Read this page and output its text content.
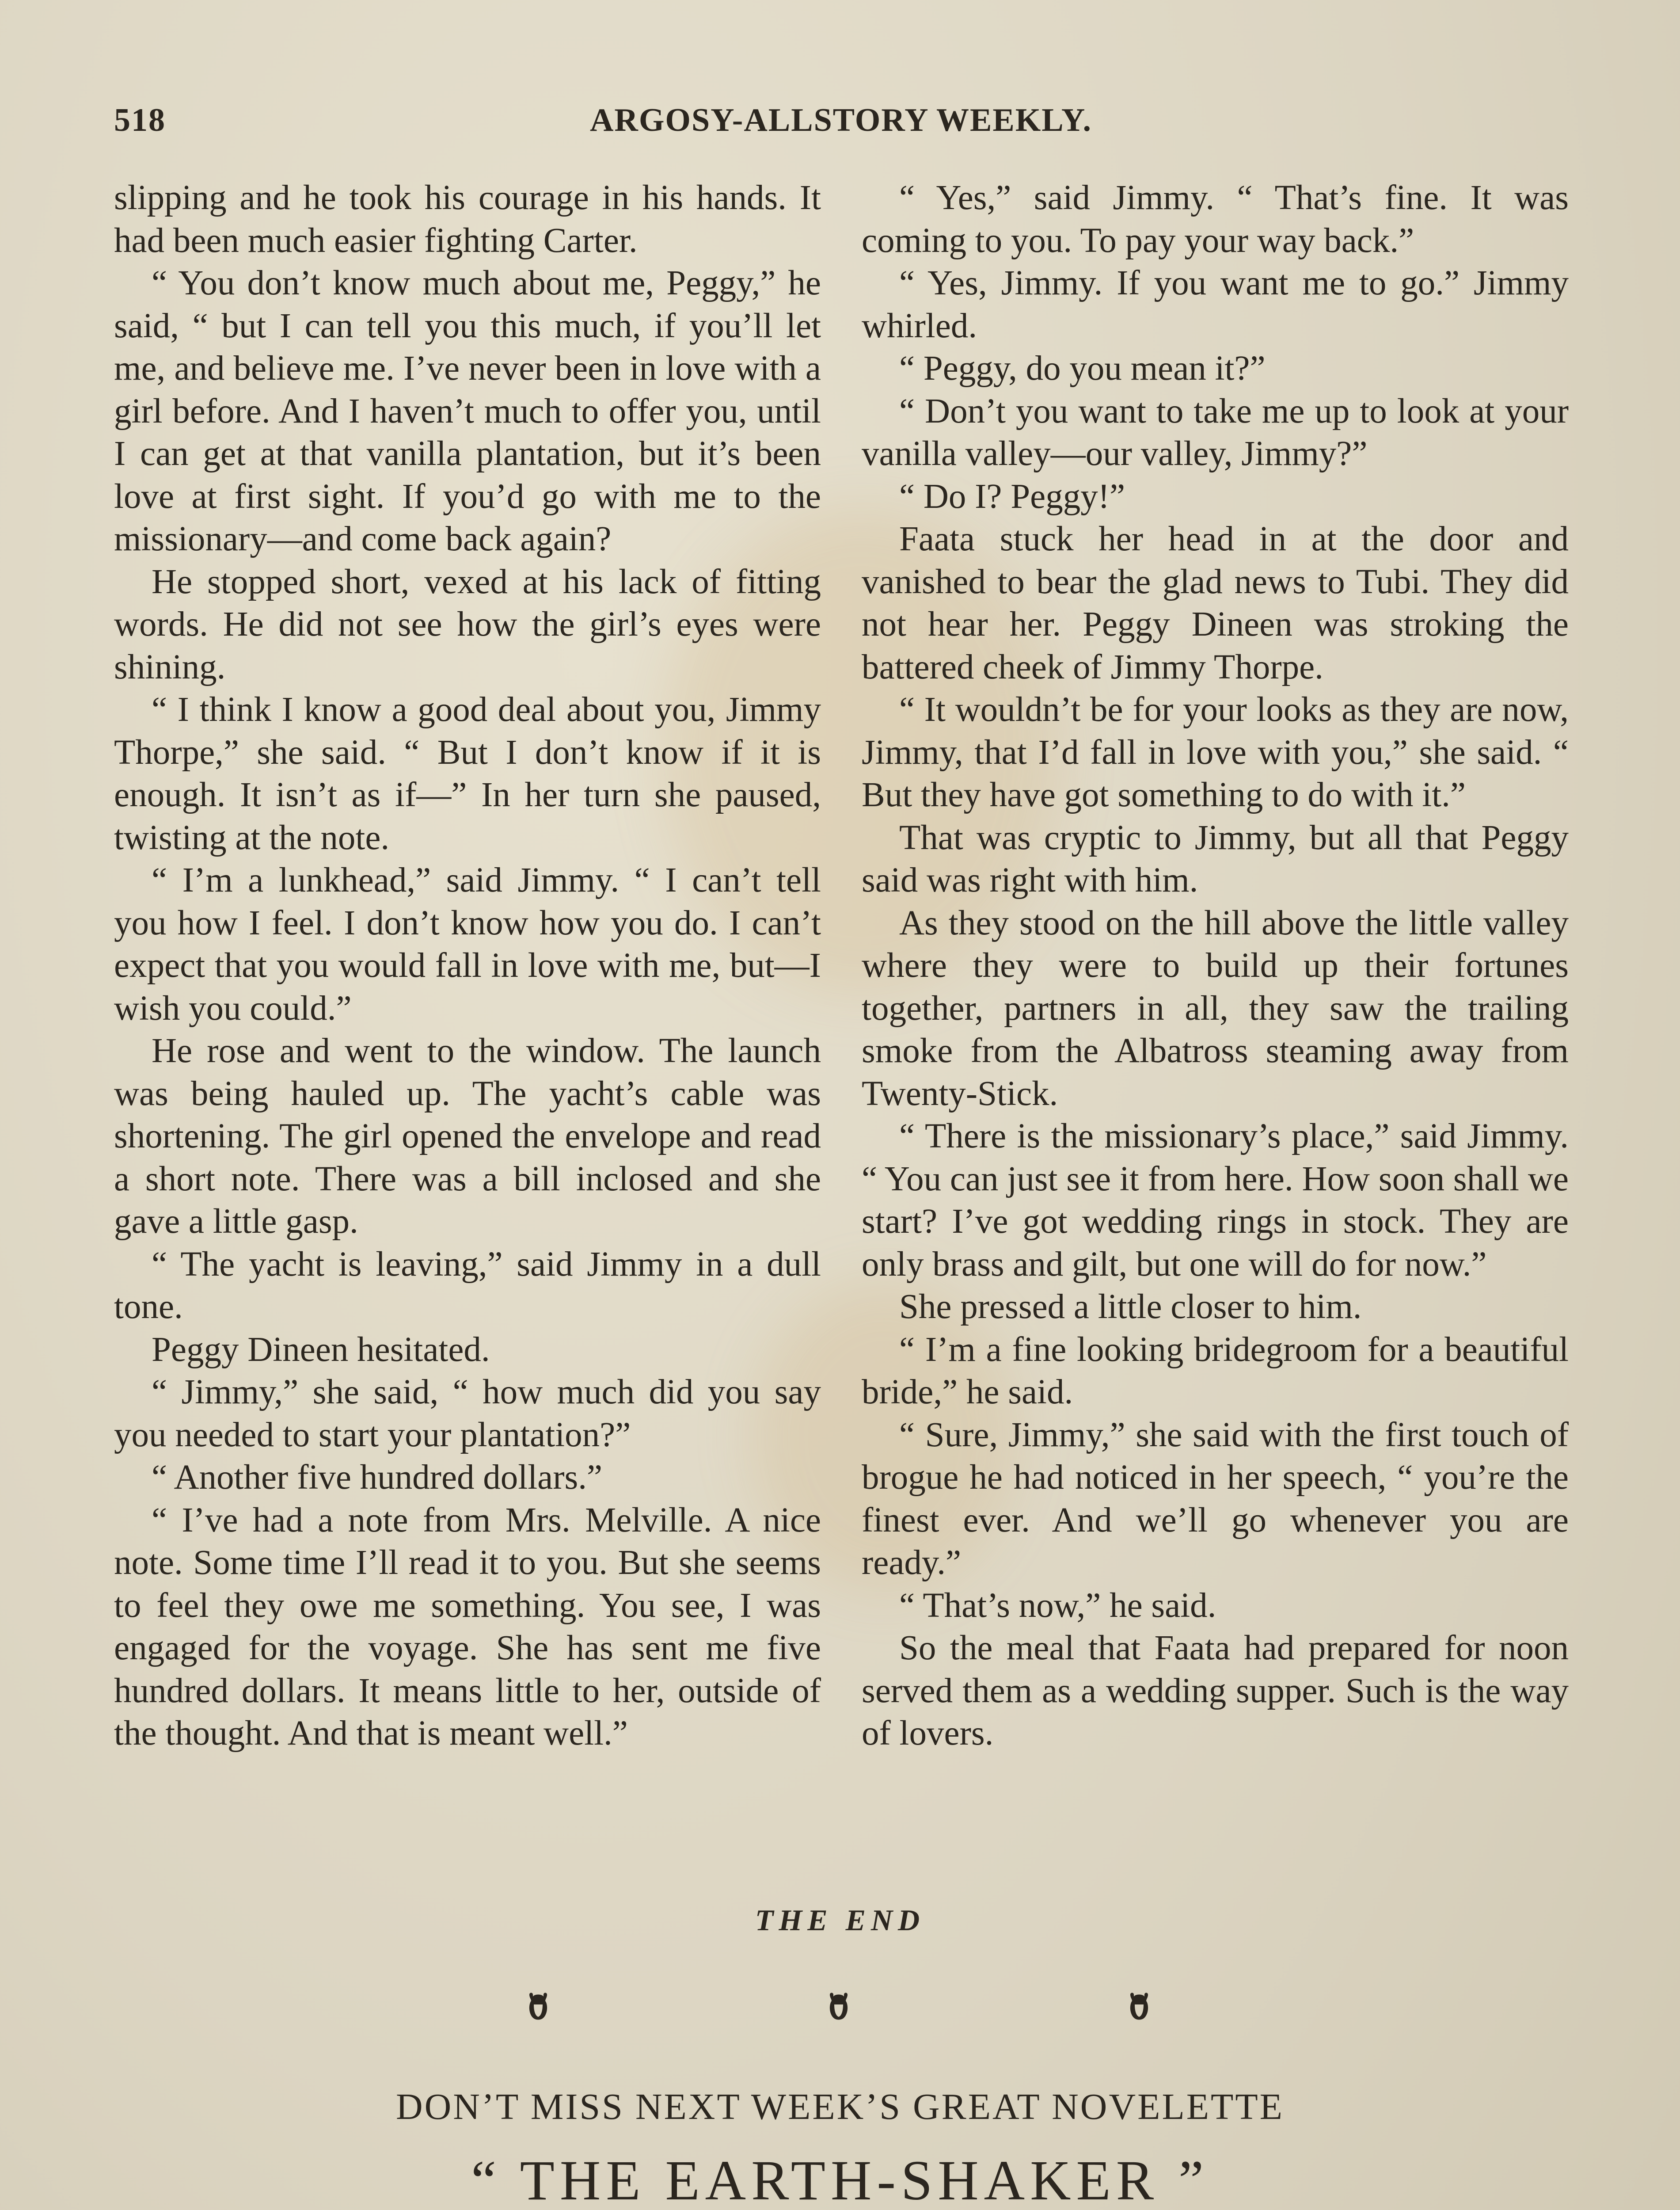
518	ARGOSY-ALLSTORY WEEKLY.

slipping and he took his courage in his hands. It had been much easier fighting Carter.

“ You don’t know much about me, Peggy,” he said, “ but I can tell you this much, if you’ll let me, and believe me. I’ve never been in love with a girl before. And I haven’t much to offer you, until I can get at that vanilla plantation, but it’s been love at first sight. If you’d go with me to the missionary—and come back again?

He stopped short, vexed at his lack of fitting words. He did not see how the girl’s eyes were shining.

“ I think I know a good deal about you, Jimmy Thorpe,” she said. “ But I don’t know if it is enough. It isn’t as if—” In her turn she paused, twisting at the note.

“ I’m a lunkhead,” said Jimmy. “ I can’t tell you how I feel. I don’t know how you do. I can’t expect that you would fall in love with me, but—I wish you could.”

He rose and went to the window. The launch was being hauled up. The yacht’s cable was shortening. The girl opened the envelope and read a short note. There was a bill inclosed and she gave a little gasp.

“ The yacht is leaving,” said Jimmy in a dull tone.

Peggy Dineen hesitated.

“ Jimmy,” she said, “ how much did you say you needed to start your plantation?”

“ Another five hundred dollars.”

“ I’ve had a note from Mrs. Melville. A nice note. Some time I’ll read it to you. But she seems to feel they owe me something. You see, I was engaged for the voyage. She has sent me five hundred dollars. It means little to her, outside of the thought. And that is meant well.”

“ Yes,” said Jimmy. “ That’s fine. It was coming to you. To pay your way back.”

“ Yes, Jimmy. If you want me to go.” Jimmy whirled.

“ Peggy, do you mean it?”

“ Don’t you want to take me up to look at your vanilla valley—our valley, Jimmy?”

“ Do I? Peggy!”

Faata stuck her head in at the door and vanished to bear the glad news to Tubi. They did not hear her. Peggy Dineen was stroking the battered cheek of Jimmy Thorpe.

“ It wouldn’t be for your looks as they are now, Jimmy, that I’d fall in love with you,” she said. “ But they have got something to do with it.”

That was cryptic to Jimmy, but all that Peggy said was right with him.

As they stood on the hill above the little valley where they were to build up their fortunes together, partners in all, they saw the trailing smoke from the Albatross steaming away from Twenty-Stick.

“ There is the missionary’s place,” said Jimmy. “ You can just see it from here. How soon shall we start? I’ve got wedding rings in stock. They are only brass and gilt, but one will do for now.”

She pressed a little closer to him.

“ I’m a fine looking bridegroom for a beautiful bride,” he said.

“ Sure, Jimmy,” she said with the first touch of brogue he had noticed in her speech, “ you’re the finest ever. And we’ll go whenever you are ready.”

“ That’s now,” he said.

So the meal that Faata had prepared for noon served them as a wedding supper. Such is the way of lovers.

THE END
DON’T MISS NEXT WEEK’S GREAT NOVELETTE
“ THE EARTH-SHAKER ”
